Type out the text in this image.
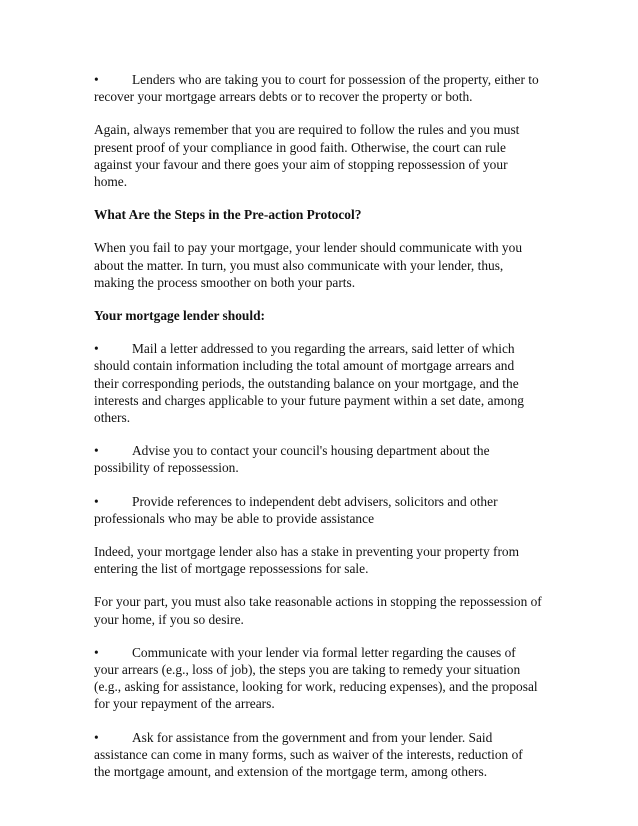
• Lenders who are taking you to court for possession of the property, either to recover your mortgage arrears debts or to recover the property or both.

Again, always remember that you are required to follow the rules and you must present proof of your compliance in good faith. Otherwise, the court can rule against your favour and there goes your aim of stopping repossession of your home.

What Are the Steps in the Pre-action Protocol?

When you fail to pay your mortgage, your lender should communicate with you about the matter. In turn, you must also communicate with your lender, thus, making the process smoother on both your parts.

Your mortgage lender should:

• Mail a letter addressed to you regarding the arrears, said letter of which should contain information including the total amount of mortgage arrears and their corresponding periods, the outstanding balance on your mortgage, and the interests and charges applicable to your future payment within a set date, among others.

• Advise you to contact your council's housing department about the possibility of repossession.

• Provide references to independent debt advisers, solicitors and other professionals who may be able to provide assistance

Indeed, your mortgage lender also has a stake in preventing your property from entering the list of mortgage repossessions for sale.

For your part, you must also take reasonable actions in stopping the repossession of your home, if you so desire.

• Communicate with your lender via formal letter regarding the causes of your arrears (e.g., loss of job), the steps you are taking to remedy your situation (e.g., asking for assistance, looking for work, reducing expenses), and the proposal for your repayment of the arrears.

• Ask for assistance from the government and from your lender. Said assistance can come in many forms, such as waiver of the interests, reduction of the mortgage amount, and extension of the mortgage term, among others.
